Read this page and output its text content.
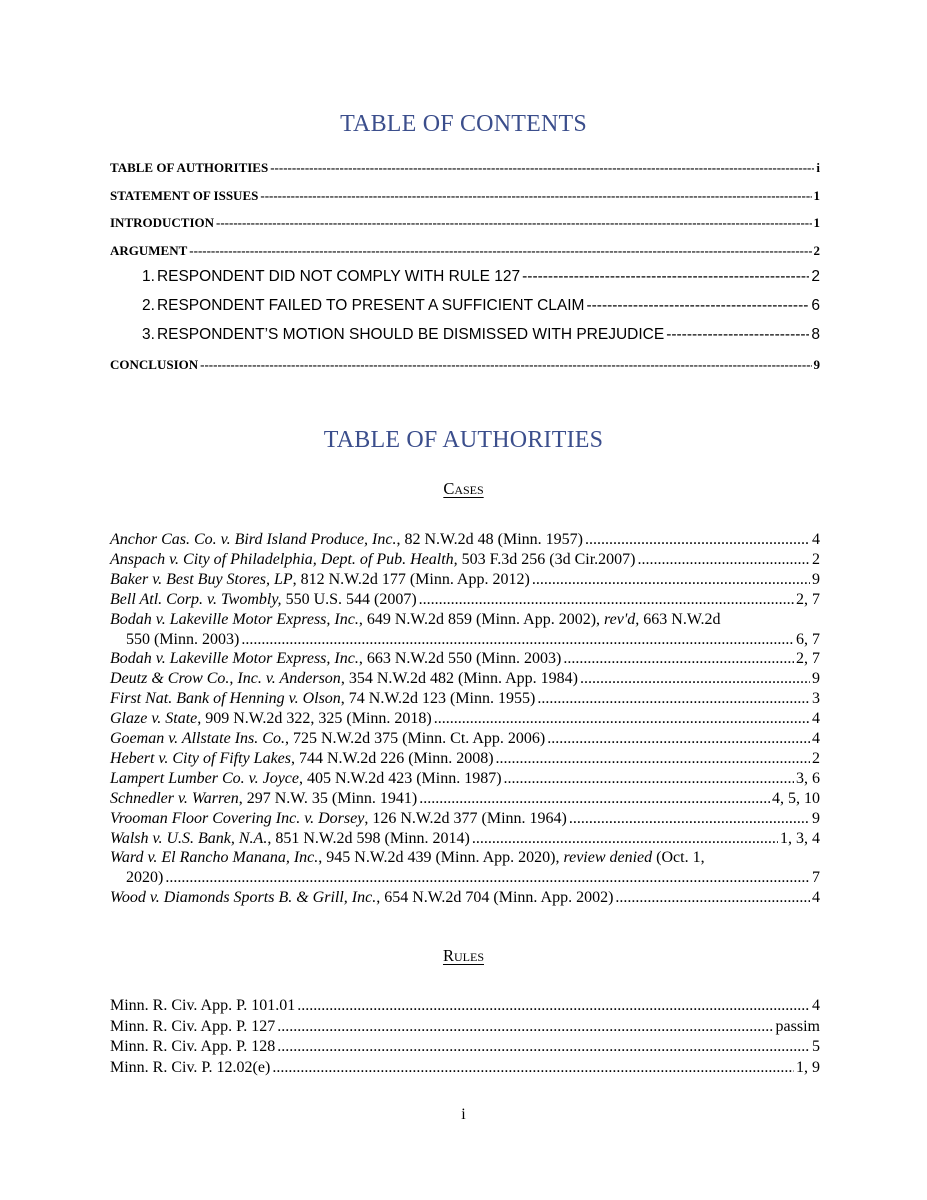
TABLE OF CONTENTS
TABLE OF AUTHORITIES -----	i
STATEMENT OF ISSUES -----	1
INTRODUCTION -----	1
ARGUMENT -----	2
1. RESPONDENT DID NOT COMPLY WITH RULE 127 -----	2
2. RESPONDENT FAILED TO PRESENT A SUFFICIENT CLAIM -----	6
3. RESPONDENT’S MOTION SHOULD BE DISMISSED WITH PREJUDICE -----	8
CONCLUSION -----	9
TABLE OF AUTHORITIES
Cases
Anchor Cas. Co. v. Bird Island Produce, Inc., 82 N.W.2d 48 (Minn. 1957) .....	4
Anspach v. City of Philadelphia, Dept. of Pub. Health, 503 F.3d 256 (3d Cir.2007) .....	2
Baker v. Best Buy Stores, LP, 812 N.W.2d 177 (Minn. App. 2012) .....	9
Bell Atl. Corp. v. Twombly, 550 U.S. 544 (2007) .....	2, 7
Bodah v. Lakeville Motor Express, Inc., 649 N.W.2d 859 (Minn. App. 2002), rev'd, 663 N.W.2d
550 (Minn. 2003) .....	6, 7
Bodah v. Lakeville Motor Express, Inc., 663 N.W.2d 550 (Minn. 2003) .....	2, 7
Deutz & Crow Co., Inc. v. Anderson, 354 N.W.2d 482 (Minn. App. 1984) .....	9
First Nat. Bank of Henning v. Olson, 74 N.W.2d 123 (Minn. 1955) .....	3
Glaze v. State, 909 N.W.2d 322, 325 (Minn. 2018) .....	4
Goeman v. Allstate Ins. Co., 725 N.W.2d 375 (Minn. Ct. App. 2006) .....	4
Hebert v. City of Fifty Lakes, 744 N.W.2d 226 (Minn. 2008) .....	2
Lampert Lumber Co. v. Joyce, 405 N.W.2d 423 (Minn. 1987) .....	3, 6
Schnedler v. Warren, 297 N.W. 35 (Minn. 1941) .....	4, 5, 10
Vrooman Floor Covering Inc. v. Dorsey, 126 N.W.2d 377 (Minn. 1964) .....	9
Walsh v. U.S. Bank, N.A., 851 N.W.2d 598 (Minn. 2014) .....	1, 3, 4
Ward v. El Rancho Manana, Inc., 945 N.W.2d 439 (Minn. App. 2020), review denied (Oct. 1,
2020) .....	7
Wood v. Diamonds Sports B. & Grill, Inc., 654 N.W.2d 704 (Minn. App. 2002) .....	4
Rules
Minn. R. Civ. App. P. 101.01 .....	4
Minn. R. Civ. App. P. 127 .....	passim
Minn. R. Civ. App. P. 128 .....	5
Minn. R. Civ. P. 12.02(e) .....	1, 9
i
